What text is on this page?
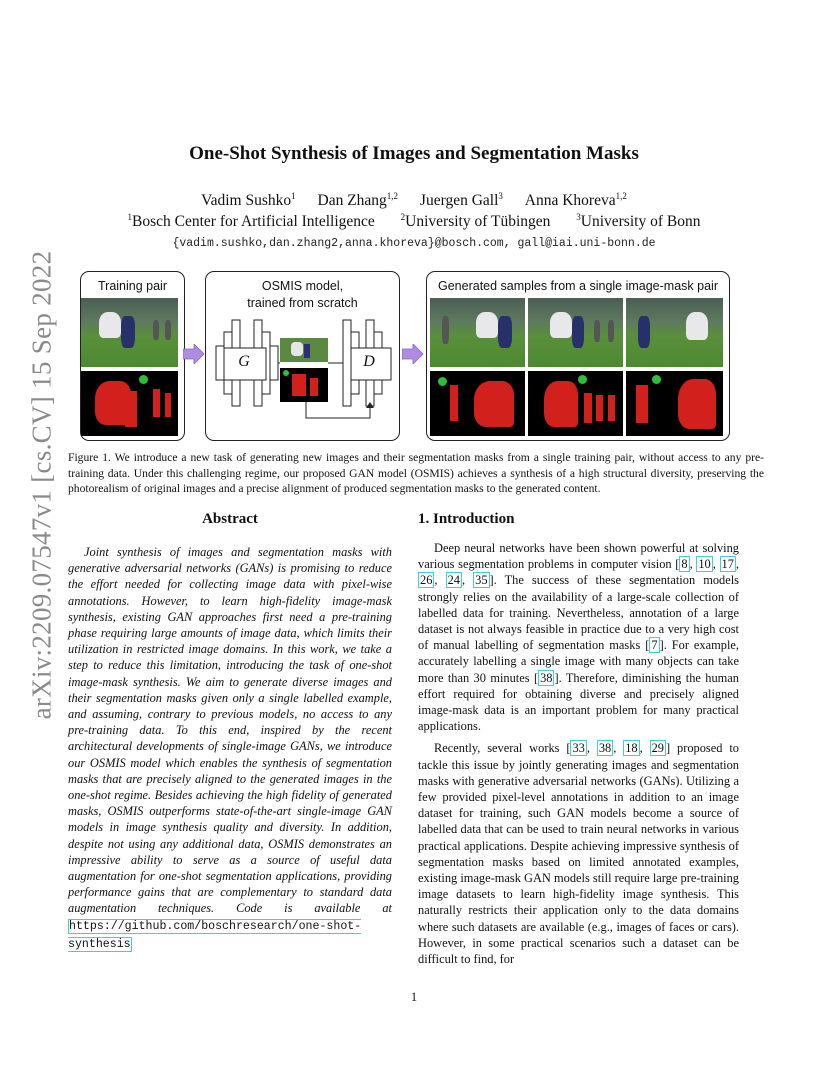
arXiv:2209.07547v1 [cs.CV] 15 Sep 2022
One-Shot Synthesis of Images and Segmentation Masks
Vadim Sushko$^1$ Dan Zhang$^{1,2}$ Juergen Gall$^3$ Anna Khoreva$^{1,2}$
$^1$Bosch Center for Artificial Intelligence	$^2$University of Tübingen	$^3$University of Bonn
{vadim.sushko,dan.zhang2,anna.khoreva}@bosch.com, gall@iai.uni-bonn.de
Training pair	OSMIS model,
trained from scratch
G	D
Generated samples from a single image-mask pair
Figure 1. We introduce a new task of generating new images and their segmentation masks from a single training pair, without access to any pre-training data. Under this challenging regime, our proposed GAN model (OSMIS) achieves a synthesis of a high structural diversity, preserving the photorealism of original images and a precise alignment of produced segmentation masks to the generated content.
Abstract	1. Introduction
Joint synthesis of images and segmentation masks with generative adversarial networks (GANs) is promising to reduce the effort needed for collecting image data with pixel-wise annotations. However, to learn high-fidelity image-mask synthesis, existing GAN approaches first need a pre-training phase requiring large amounts of image data, which limits their utilization in restricted image domains. In this work, we take a step to reduce this limitation, introducing the task of one-shot image-mask synthesis. We aim to generate diverse images and their segmentation masks given only a single labelled example, and assuming, contrary to previous models, no access to any pre-training data. To this end, inspired by the recent architectural developments of single-image GANs, we introduce our OSMIS model which enables the synthesis of segmentation masks that are precisely aligned to the generated images in the one-shot regime. Besides achieving the high fidelity of generated masks, OSMIS outperforms state-of-the-art single-image GAN models in image synthesis quality and diversity. In addition, despite not using any additional data, OSMIS demonstrates an impressive ability to serve as a source of useful data augmentation for one-shot segmentation applications, providing performance gains that are complementary to standard data augmentation techniques. Code is available at https://github.com/boschresearch/one-shot-synthesis

Deep neural networks have been shown powerful at solving various segmentation problems in computer vision [ 8 , 10 , 17 , 26 , 24 , 35 ]. The success of these segmentation models strongly relies on the availability of a large-scale collection of labelled data for training. Nevertheless, annotation of a large dataset is not always feasible in practice due to a very high cost of manual labelling of segmentation masks [ 7 ]. For example, accurately labelling a single image with many objects can take more than 30 minutes [ 38 ]. Therefore, diminishing the human effort required for obtaining diverse and precisely aligned image-mask data is an important problem for many practical applications.

Recently, several works [ 33 , 38 , 18 , 29 ] proposed to tackle this issue by jointly generating images and segmentation masks with generative adversarial networks (GANs). Utilizing a few provided pixel-level annotations in addition to an image dataset for training, such GAN models become a source of labelled data that can be used to train neural networks in various practical applications. Despite achieving impressive synthesis of segmentation masks based on limited annotated examples, existing image-mask GAN models still require large pre-training image datasets to learn high-fidelity image synthesis. This naturally restricts their application only to the data domains where such datasets are available (e.g., images of faces or cars). However, in some practical scenarios such a dataset can be difficult to find, for

1
